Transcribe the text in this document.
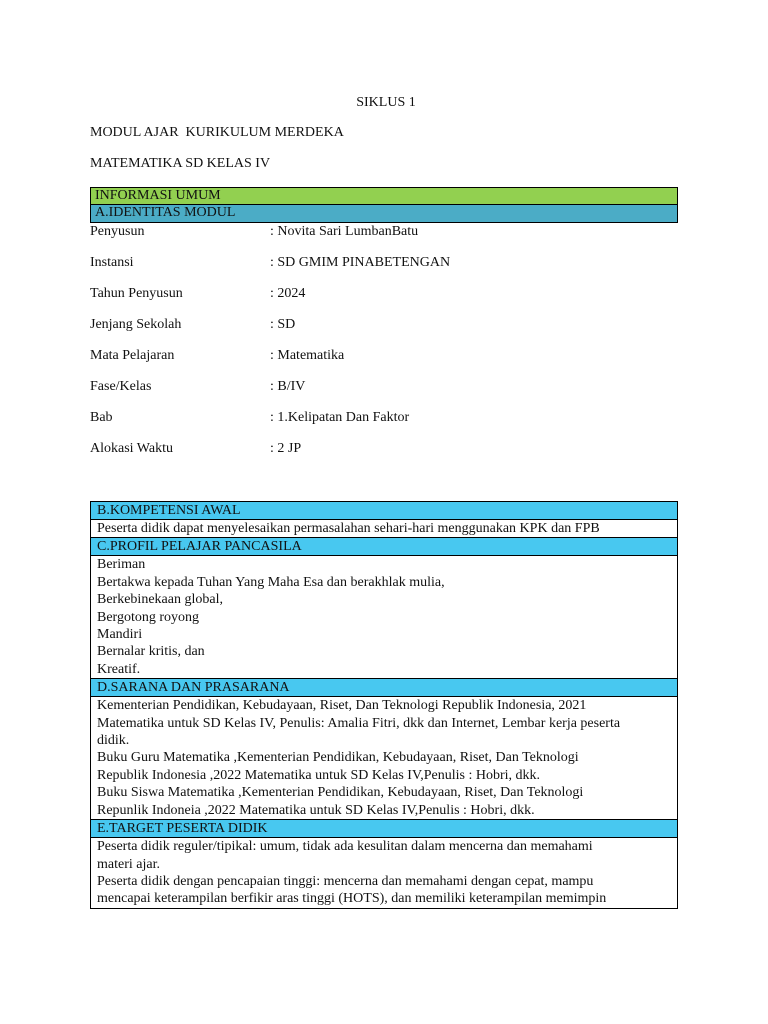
SIKLUS 1
MODUL AJAR  KURIKULUM MERDEKA
MATEMATIKA SD KELAS IV
INFORMASI UMUM
A.IDENTITAS MODUL
Penyusun	: Novita Sari LumbanBatu
Instansi	: SD GMIM PINABETENGAN
Tahun Penyusun	: 2024
Jenjang Sekolah	: SD
Mata Pelajaran	: Matematika
Fase/Kelas	: B/IV
Bab	: 1.Kelipatan Dan Faktor
Alokasi Waktu	: 2 JP
B.KOMPETENSI AWAL
Peserta didik dapat menyelesaikan permasalahan sehari-hari menggunakan KPK dan FPB
C.PROFIL PELAJAR PANCASILA
Beriman
Bertakwa kepada Tuhan Yang Maha Esa dan berakhlak mulia,
Berkebinekaan global,
Bergotong royong
Mandiri
Bernalar kritis, dan
Kreatif.
D.SARANA DAN PRASARANA
Kementerian Pendidikan, Kebudayaan, Riset, Dan Teknologi Republik Indonesia, 2021
Matematika untuk SD Kelas IV, Penulis: Amalia Fitri, dkk dan Internet, Lembar kerja peserta
didik.
Buku Guru Matematika ,Kementerian Pendidikan, Kebudayaan, Riset, Dan Teknologi
Republik Indonesia ,2022 Matematika untuk SD Kelas IV,Penulis : Hobri, dkk.
Buku Siswa Matematika ,Kementerian Pendidikan, Kebudayaan, Riset, Dan Teknologi
Repunlik Indoneia ,2022 Matematika untuk SD Kelas IV,Penulis : Hobri, dkk.
E.TARGET PESERTA DIDIK
Peserta didik reguler/tipikal: umum, tidak ada kesulitan dalam mencerna dan memahami
materi ajar.
Peserta didik dengan pencapaian tinggi: mencerna dan memahami dengan cepat, mampu
mencapai keterampilan berfikir aras tinggi (HOTS), dan memiliki keterampilan memimpin
